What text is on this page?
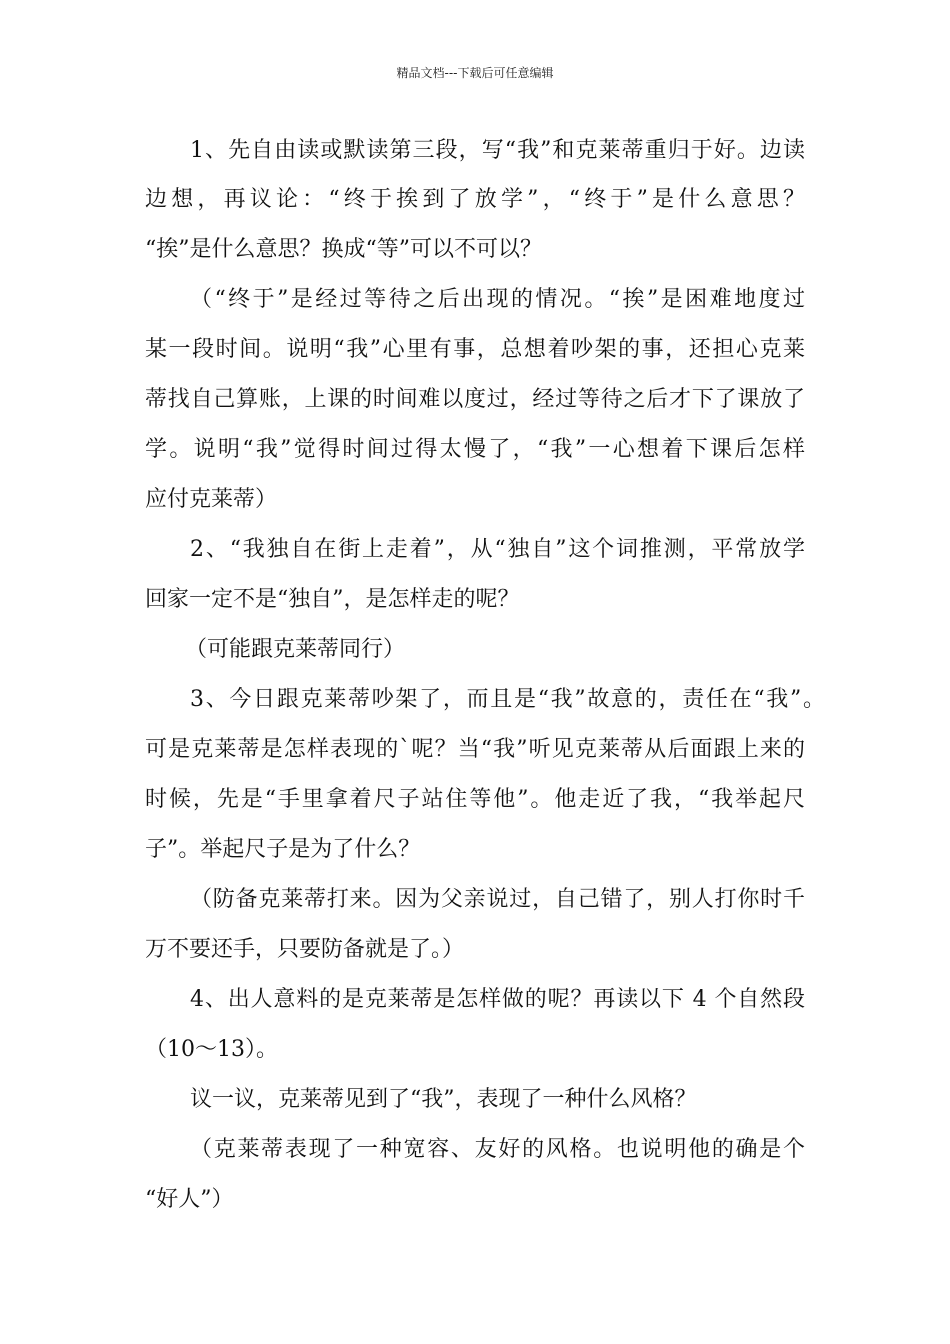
精品文档---下载后可任意编辑
1、先自由读或默读第三段，写“我”和克莱蒂重归于好。边读
边想，再议论：“终于挨到了放学”，“终于”是什么意思？
“挨”是什么意思？换成“等”可以不可以？
（“终于”是经过等待之后出现的情况。“挨”是困难地度过
某一段时间。说明“我”心里有事，总想着吵架的事，还担心克莱
蒂找自己算账，上课的时间难以度过，经过等待之后才下了课放了
学。说明“我”觉得时间过得太慢了，“我”一心想着下课后怎样
应付克莱蒂）
2、“我独自在街上走着”，从“独自”这个词推测，平常放学
回家一定不是“独自”，是怎样走的呢？
（可能跟克莱蒂同行）
3、今日跟克莱蒂吵架了，而且是“我”故意的，责任在“我”。
可是克莱蒂是怎样表现的`呢？当“我”听见克莱蒂从后面跟上来的
时候，先是“手里拿着尺子站住等他”。他走近了我，“我举起尺
子”。举起尺子是为了什么？
（防备克莱蒂打来。因为父亲说过，自己错了，别人打你时千
万不要还手，只要防备就是了。）
4、出人意料的是克莱蒂是怎样做的呢？再读以下 4 个自然段
（10～13）。
议一议，克莱蒂见到了“我”，表现了一种什么风格？
（克莱蒂表现了一种宽容、友好的风格。也说明他的确是个
“好人”）
